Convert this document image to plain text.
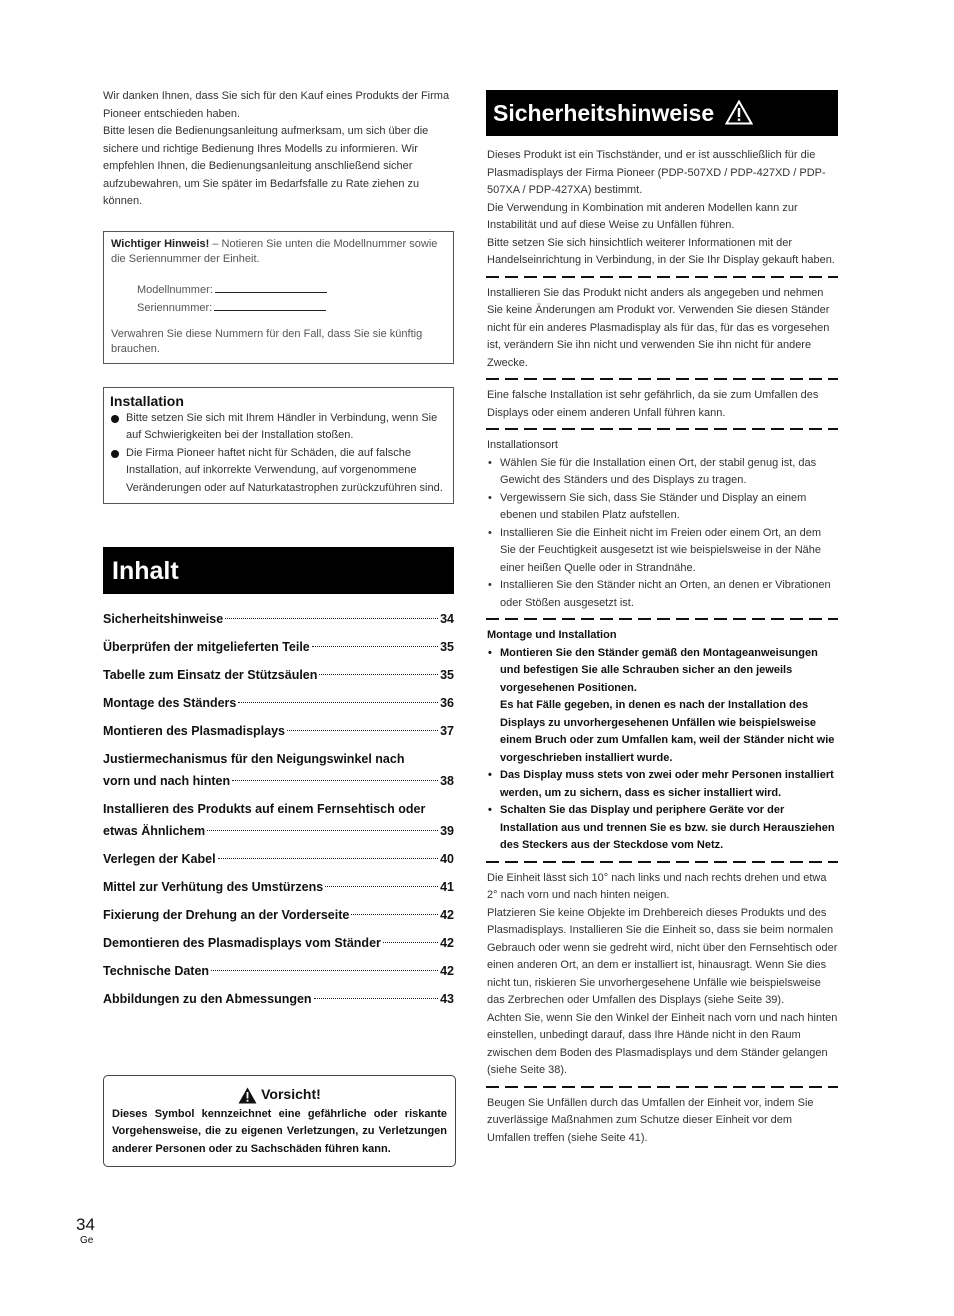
Wir danken Ihnen, dass Sie sich für den Kauf eines Produkts der Firma Pioneer entschieden haben.
Bitte lesen die Bedienungsanleitung aufmerksam, um sich über die sichere und richtige Bedienung Ihres Modells zu informieren. Wir empfehlen Ihnen, die Bedienungsanleitung anschließend sicher aufzubewahren, um Sie später im Bedarfsfalle zu Rate ziehen zu können.

Wichtiger Hinweis! – Notieren Sie unten die Modellnummer sowie die Seriennummer der Einheit.
Modellnummer:
Seriennummer:
Verwahren Sie diese Nummern für den Fall, dass Sie sie künftig brauchen.
Installation
Bitte setzen Sie sich mit Ihrem Händler in Verbindung, wenn Sie auf Schwierigkeiten bei der Installation stoßen.
Die Firma Pioneer haftet nicht für Schäden, die auf falsche Installation, auf inkorrekte Verwendung, auf vorgenommene Veränderungen oder auf Naturkatastrophen zurückzuführen sind.
Inhalt
Sicherheitshinweise	34
Überprüfen der mitgelieferten Teile	35
Tabelle zum Einsatz der Stützsäulen	35
Montage des Ständers	36
Montieren des Plasmadisplays	37
Justiermechanismus für den Neigungswinkel nach
vorn und nach hinten	38
Installieren des Produkts auf einem Fernsehtisch oder
etwas Ähnlichem	39
Verlegen der Kabel	40
Mittel zur Verhütung des Umstürzens	41
Fixierung der Drehung an der Vorderseite	42
Demontieren des Plasmadisplays vom Ständer	42
Technische Daten	42
Abbildungen zu den Abmessungen	43
Vorsicht!
Dieses Symbol kennzeichnet eine gefährliche oder riskante Vorgehensweise, die zu eigenen Verletzungen, zu Verletzungen anderer Personen oder zu Sachschäden führen kann.
Sicherheitshinweise
Dieses Produkt ist ein Tischständer, und er ist ausschließlich für die Plasmadisplays der Firma Pioneer (PDP-507XD / PDP-427XD / PDP-507XA / PDP-427XA) bestimmt.
Die Verwendung in Kombination mit anderen Modellen kann zur Instabilität und auf diese Weise zu Unfällen führen.
Bitte setzen Sie sich hinsichtlich weiterer Informationen mit der Handelseinrichtung in Verbindung, in der Sie Ihr Display gekauft haben.
Installieren Sie das Produkt nicht anders als angegeben und nehmen Sie keine Änderungen am Produkt vor. Verwenden Sie diesen Ständer nicht für ein anderes Plasmadisplay als für das, für das es vorgesehen ist, verändern Sie ihn nicht und verwenden Sie ihn nicht für andere Zwecke.
Eine falsche Installation ist sehr gefährlich, da sie zum Umfallen des Displays oder einem anderen Unfall führen kann.
Installationsort
• Wählen Sie für die Installation einen Ort, der stabil genug ist, das Gewicht des Ständers und des Displays zu tragen.
• Vergewissern Sie sich, dass Sie Ständer und Display an einem ebenen und stabilen Platz aufstellen.
• Installieren Sie die Einheit nicht im Freien oder einem Ort, an dem Sie der Feuchtigkeit ausgesetzt ist wie beispielsweise in der Nähe einer heißen Quelle oder in Strandnähe.
• Installieren Sie den Ständer nicht an Orten, an denen er Vibrationen oder Stößen ausgesetzt ist.
Montage und Installation
• Montieren Sie den Ständer gemäß den Montageanweisungen und befestigen Sie alle Schrauben sicher an den jeweils vorgesehenen Positionen.
Es hat Fälle gegeben, in denen es nach der Installation des Displays zu unvorhergesehenen Unfällen wie beispielsweise einem Bruch oder zum Umfallen kam, weil der Ständer nicht wie vorgeschrieben installiert wurde.
• Das Display muss stets von zwei oder mehr Personen installiert werden, um zu sichern, dass es sicher installiert wird.
• Schalten Sie das Display und periphere Geräte vor der Installation aus und trennen Sie es bzw. sie durch Herausziehen des Steckers aus der Steckdose vom Netz.
Die Einheit lässt sich 10° nach links und nach rechts drehen und etwa 2° nach vorn und nach hinten neigen.
Platzieren Sie keine Objekte im Drehbereich dieses Produkts und des Plasmadisplays. Installieren Sie die Einheit so, dass sie beim normalen Gebrauch oder wenn sie gedreht wird, nicht über den Fernsehtisch oder einen anderen Ort, an dem er installiert ist, hinausragt. Wenn Sie dies nicht tun, riskieren Sie unvorhergesehene Unfälle wie beispielsweise das Zerbrechen oder Umfallen des Displays (siehe Seite 39).
Achten Sie, wenn Sie den Winkel der Einheit nach vorn und nach hinten einstellen, unbedingt darauf, dass Ihre Hände nicht in den Raum zwischen dem Boden des Plasmadisplays und dem Ständer gelangen (siehe Seite 38).
Beugen Sie Unfällen durch das Umfallen der Einheit vor, indem Sie zuverlässige Maßnahmen zum Schutze dieser Einheit vor dem Umfallen treffen (siehe Seite 41).
34
Ge
